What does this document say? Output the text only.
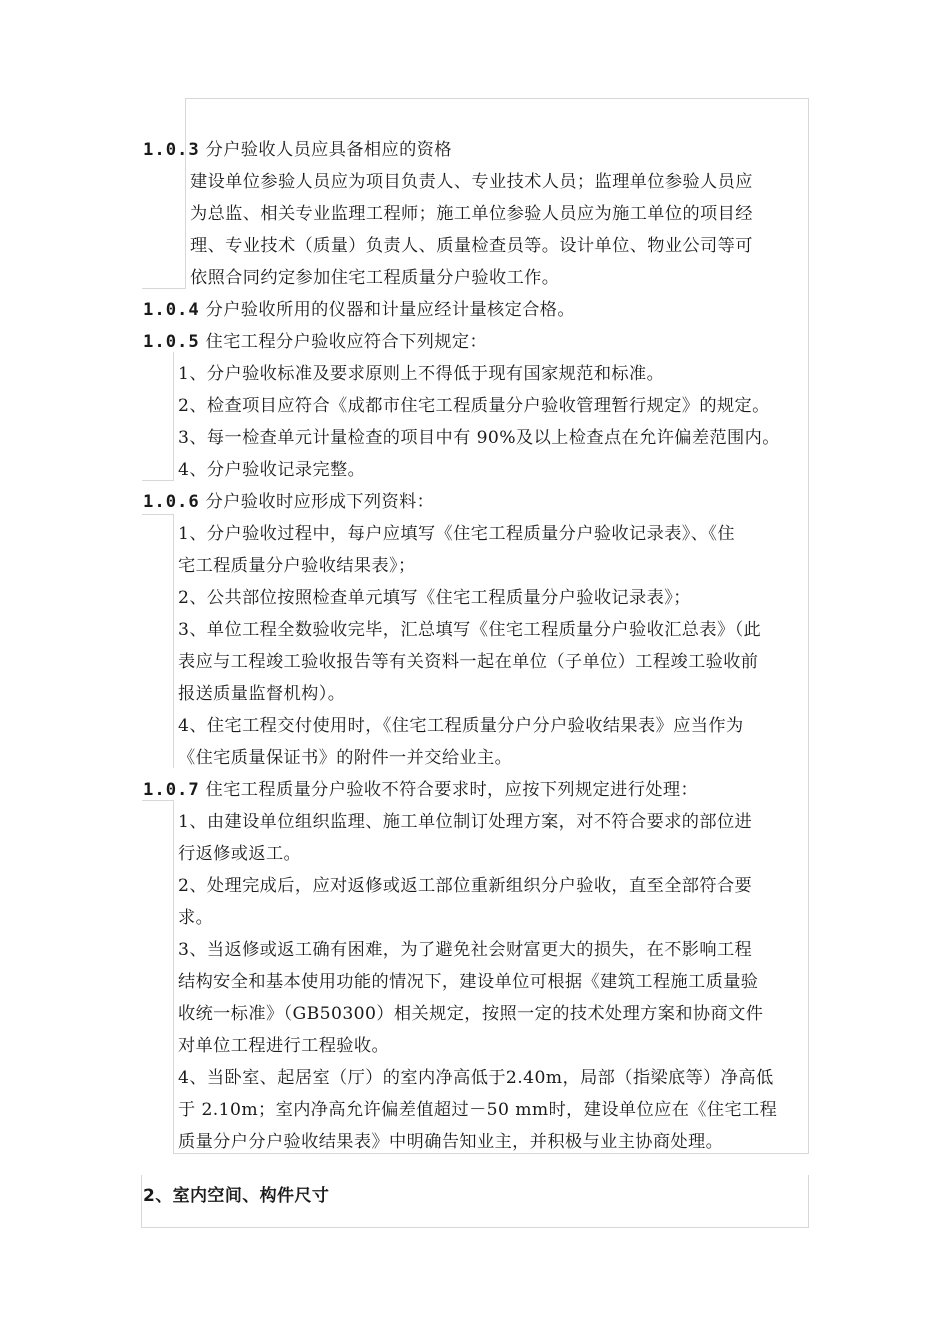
1.0.3 分户验收人员应具备相应的资格
建设单位参验人员应为项目负责人、专业技术人员；监理单位参验人员应
为总监、相关专业监理工程师；施工单位参验人员应为施工单位的项目经
理、专业技术（质量）负责人、质量检查员等。设计单位、物业公司等可
依照合同约定参加住宅工程质量分户验收工作。
1.0.4 分户验收所用的仪器和计量应经计量核定合格。
1.0.5 住宅工程分户验收应符合下列规定：
1、分户验收标准及要求原则上不得低于现有国家规范和标准。
2、检查项目应符合《成都市住宅工程质量分户验收管理暂行规定》的规定。
3、每一检查单元计量检查的项目中有 90%及以上检查点在允许偏差范围内。
4、分户验收记录完整。
1.0.6 分户验收时应形成下列资料：
1、分户验收过程中，每户应填写《住宅工程质量分户验收记录表》、《住
宅工程质量分户验收结果表》；
2、公共部位按照检查单元填写《住宅工程质量分户验收记录表》；
3、单位工程全数验收完毕，汇总填写《住宅工程质量分户验收汇总表》（此
表应与工程竣工验收报告等有关资料一起在单位（子单位）工程竣工验收前
报送质量监督机构）。
4、住宅工程交付使用时，《住宅工程质量分户分户验收结果表》应当作为
《住宅质量保证书》的附件一并交给业主。
1.0.7 住宅工程质量分户验收不符合要求时，应按下列规定进行处理：
1、由建设单位组织监理、施工单位制订处理方案，对不符合要求的部位进
行返修或返工。
2、处理完成后，应对返修或返工部位重新组织分户验收，直至全部符合要
求。
3、当返修或返工确有困难，为了避免社会财富更大的损失，在不影响工程
结构安全和基本使用功能的情况下，建设单位可根据《建筑工程施工质量验
收统一标准》（GB50300）相关规定，按照一定的技术处理方案和协商文件
对单位工程进行工程验收。
4、当卧室、起居室（厅）的室内净高低于2.40m，局部（指梁底等）净高低
于 2.10m；室内净高允许偏差值超过－50 mm时，建设单位应在《住宅工程
质量分户分户验收结果表》中明确告知业主，并积极与业主协商处理。
2、室内空间、构件尺寸
